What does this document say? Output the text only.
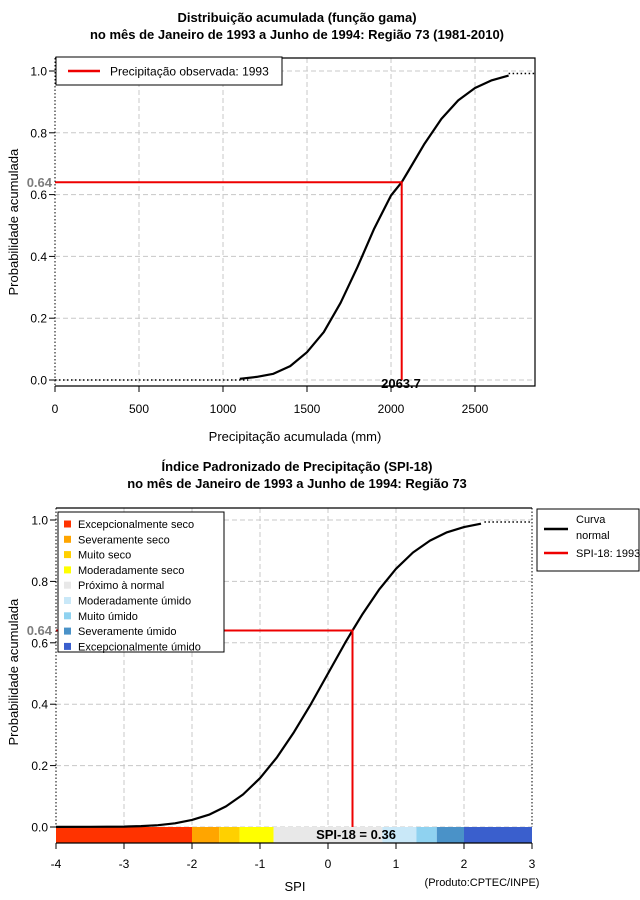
0	500	1000	1500	2000	2500
0.0
0.2
0.4
0.6
0.8
1.0
-4	-3	-2	-1	0	1	2	3
0.0
0.2
0.4
0.6
0.8
1.0
Precipitação observada: 1993
Excepcionalmente seco
Severamente seco
Muito seco
Moderadamente seco
Próximo à normal
Moderadamente úmido
Muito úmido
Severamente úmido
Excepcionalmente úmido
Curva
normal
SPI-18: 1993
Distribuição acumulada (função gama)
no mês de Janeiro de 1993 a Junho de 1994: Região 73 (1981-2010)
Probabilidade acumulada
Precipitação acumulada (mm)
0.64
2063.7
Índice Padronizado de Precipitação (SPI-18)
no mês de Janeiro de 1993 a Junho de 1994: Região 73
Probabilidade acumulada
SPI
0.64
SPI-18 = 0.36
(Produto:CPTEC/INPE)
